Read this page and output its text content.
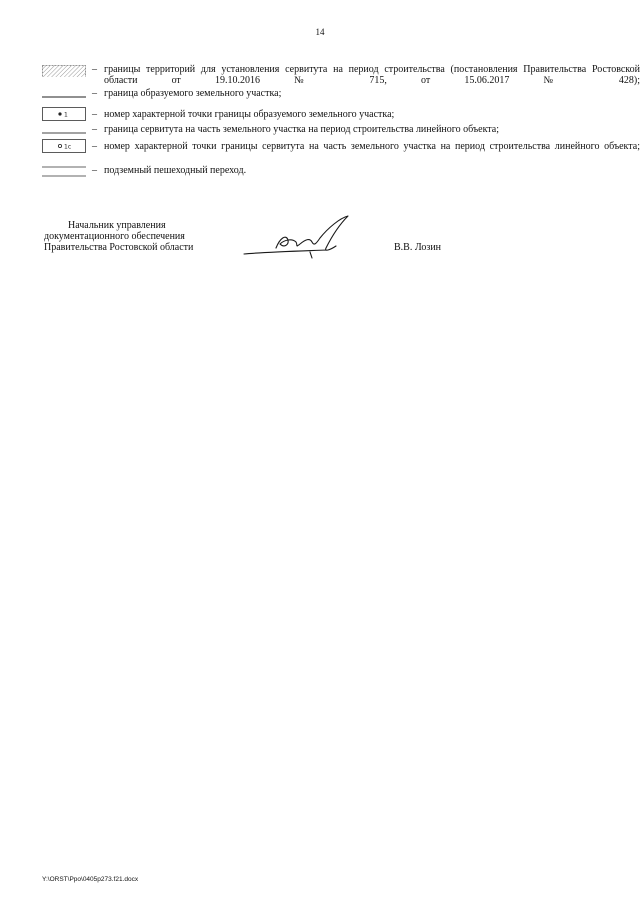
14
– границы территорий для установления сервитута на период строительства (постановления Правительства Ростовской области от 19.10.2016 № 715, от 15.06.2017 № 428);
– граница образуемого земельного участка;
1 – номер характерной точки границы образуемого земельного участка;
– граница сервитута на часть земельного участка на период строительства линейного объекта;
1c – номер характерной точки границы сервитута на часть земельного участка на период строительства линейного объекта;
– подземный пешеходный переход.
Начальник управления
документационного обеспечения
Правительства Ростовской области	В.В. Лозин
Y:\ORST\Ppo\0405p273.f21.docx
